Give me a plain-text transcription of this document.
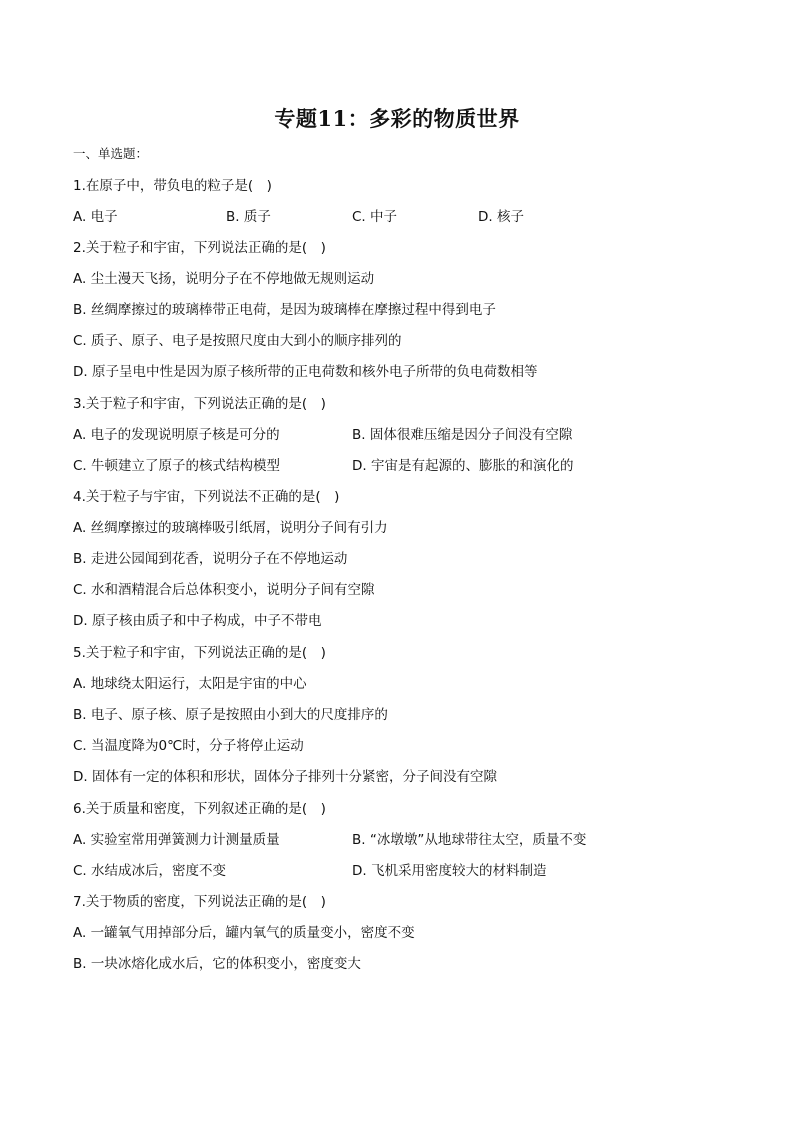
专题11：多彩的物质世界
一、单选题：
1.在原子中，带负电的粒子是(　)
A. 电子	B. 质子	C. 中子	D. 核子
2.关于粒子和宇宙，下列说法正确的是(　)
A. 尘土漫天飞扬，说明分子在不停地做无规则运动
B. 丝绸摩擦过的玻璃棒带正电荷，是因为玻璃棒在摩擦过程中得到电子
C. 质子、原子、电子是按照尺度由大到小的顺序排列的
D. 原子呈电中性是因为原子核所带的正电荷数和核外电子所带的负电荷数相等
3.关于粒子和宇宙，下列说法正确的是(　)
A. 电子的发现说明原子核是可分的	B. 固体很难压缩是因分子间没有空隙
C. 牛顿建立了原子的核式结构模型	D. 宇宙是有起源的、膨胀的和演化的
4.关于粒子与宇宙，下列说法不正确的是(　)
A. 丝绸摩擦过的玻璃棒吸引纸屑，说明分子间有引力
B. 走进公园闻到花香，说明分子在不停地运动
C. 水和酒精混合后总体积变小，说明分子间有空隙
D. 原子核由质子和中子构成，中子不带电
5.关于粒子和宇宙，下列说法正确的是(　)
A. 地球绕太阳运行，太阳是宇宙的中心
B. 电子、原子核、原子是按照由小到大的尺度排序的
C. 当温度降为0℃时，分子将停止运动
D. 固体有一定的体积和形状，固体分子排列十分紧密，分子间没有空隙
6.关于质量和密度，下列叙述正确的是(　)
A. 实验室常用弹簧测力计测量质量	B. “冰墩墩”从地球带往太空，质量不变
C. 水结成冰后，密度不变	D. 飞机采用密度较大的材料制造
7.关于物质的密度，下列说法正确的是(　)
A. 一罐氧气用掉部分后，罐内氧气的质量变小，密度不变
B. 一块冰熔化成水后，它的体积变小，密度变大
